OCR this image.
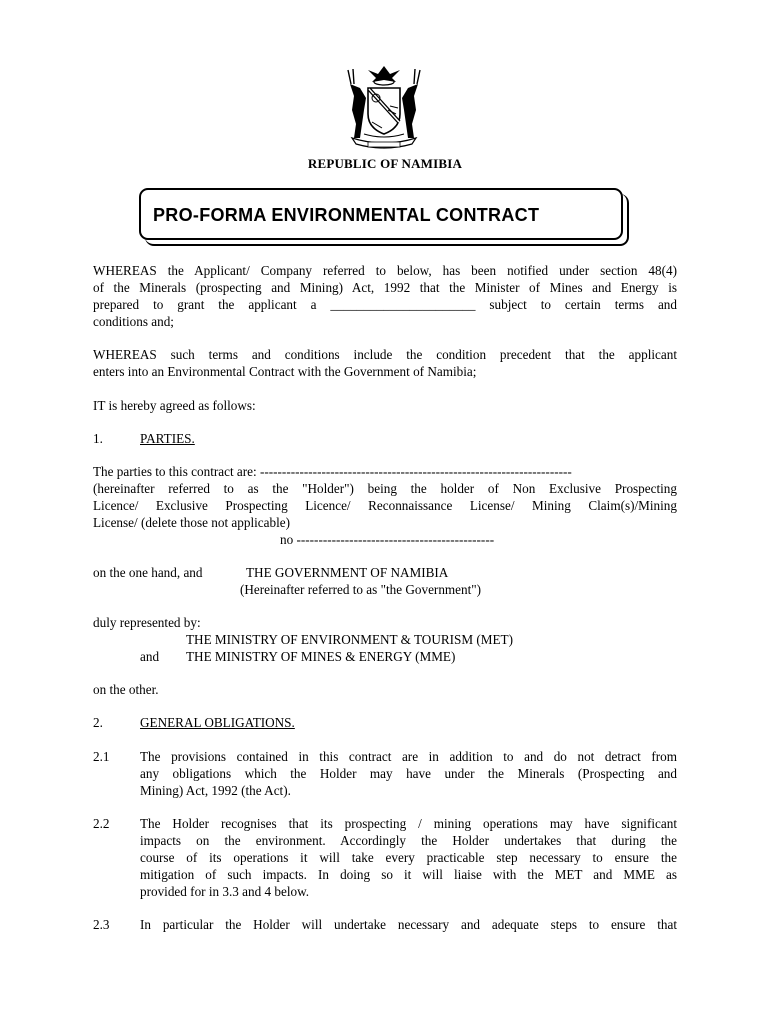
REPUBLIC OF NAMIBIA
PRO-FORMA ENVIRONMENTAL CONTRACT
WHEREAS the Applicant/ Company referred to below, has been notified under section 48(4)
of the Minerals (prospecting and Mining) Act, 1992 that the Minister of Mines and Energy is
prepared to grant the applicant a ______________________ subject to certain terms and
conditions and;
WHEREAS such terms and conditions include the condition precedent that the applicant
enters into an Environmental Contract with the Government of Namibia;
IT is hereby agreed as follows:
1.	PARTIES.
The parties to this contract are: -----------------------------------------------------------------------
(hereinafter referred to as the "Holder") being the holder of Non Exclusive Prospecting
Licence/ Exclusive Prospecting Licence/ Reconnaissance License/ Mining Claim(s)/Mining
License/ (delete those not applicable)
no ---------------------------------------------
on the one hand, and	THE GOVERNMENT OF NAMIBIA
(Hereinafter referred to as "the Government")
duly represented by:
THE MINISTRY OF ENVIRONMENT & TOURISM (MET)
and THE MINISTRY OF MINES & ENERGY (MME)
on the other.
2.	GENERAL OBLIGATIONS.
2.1 The provisions contained in this contract are in addition to and do not detract from
any obligations which the Holder may have under the Minerals (Prospecting and
Mining) Act, 1992 (the Act).
2.2 The Holder recognises that its prospecting / mining operations may have significant
impacts on the environment. Accordingly the Holder undertakes that during the
course of its operations it will take every practicable step necessary to ensure the
mitigation of such impacts. In doing so it will liaise with the MET and MME as
provided for in 3.3 and 4 below.
2.3 In particular the Holder will undertake necessary and adequate steps to ensure that
